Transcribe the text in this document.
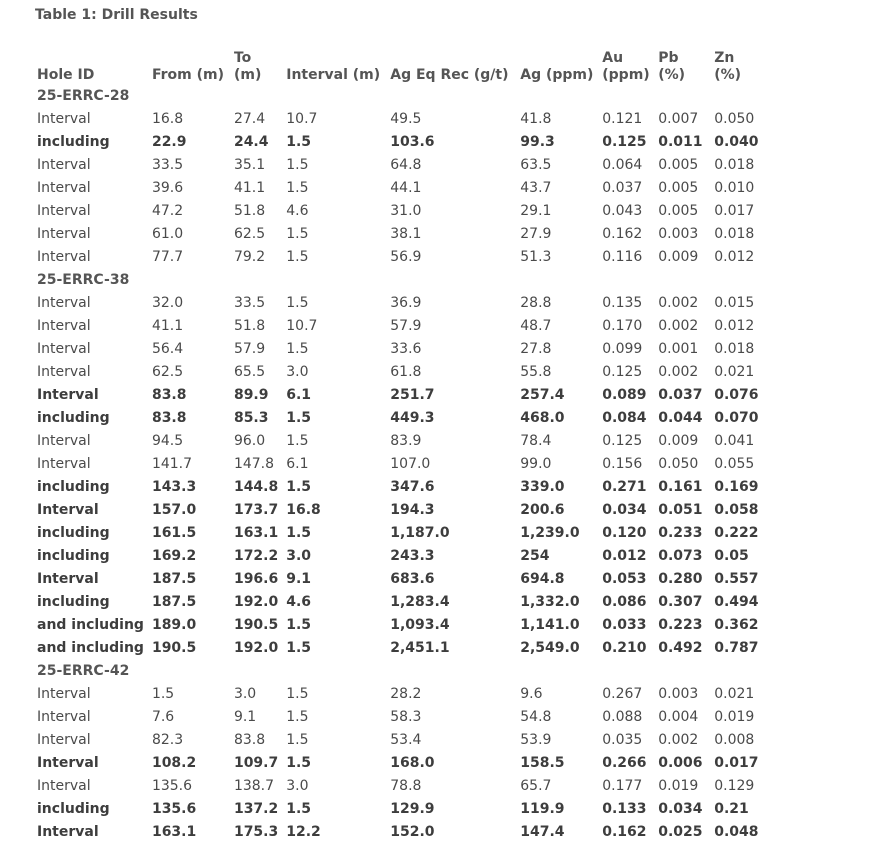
Table 1: Drill Results
Hole ID	From (m)	To (m)	Interval (m)	Ag Eq Rec (g/t)	Ag (ppm)	Au (ppm)	Pb (%)	Zn (%)
25-ERRC-28								
Interval	16.8	27.4	10.7	49.5	41.8	0.121	0.007	0.050
including	22.9	24.4	1.5	103.6	99.3	0.125	0.011	0.040
Interval	33.5	35.1	1.5	64.8	63.5	0.064	0.005	0.018
Interval	39.6	41.1	1.5	44.1	43.7	0.037	0.005	0.010
Interval	47.2	51.8	4.6	31.0	29.1	0.043	0.005	0.017
Interval	61.0	62.5	1.5	38.1	27.9	0.162	0.003	0.018
Interval	77.7	79.2	1.5	56.9	51.3	0.116	0.009	0.012
25-ERRC-38								
Interval	32.0	33.5	1.5	36.9	28.8	0.135	0.002	0.015
Interval	41.1	51.8	10.7	57.9	48.7	0.170	0.002	0.012
Interval	56.4	57.9	1.5	33.6	27.8	0.099	0.001	0.018
Interval	62.5	65.5	3.0	61.8	55.8	0.125	0.002	0.021
Interval	83.8	89.9	6.1	251.7	257.4	0.089	0.037	0.076
including	83.8	85.3	1.5	449.3	468.0	0.084	0.044	0.070
Interval	94.5	96.0	1.5	83.9	78.4	0.125	0.009	0.041
Interval	141.7	147.8	6.1	107.0	99.0	0.156	0.050	0.055
including	143.3	144.8	1.5	347.6	339.0	0.271	0.161	0.169
Interval	157.0	173.7	16.8	194.3	200.6	0.034	0.051	0.058
including	161.5	163.1	1.5	1,187.0	1,239.0	0.120	0.233	0.222
including	169.2	172.2	3.0	243.3	254	0.012	0.073	0.05
Interval	187.5	196.6	9.1	683.6	694.8	0.053	0.280	0.557
including	187.5	192.0	4.6	1,283.4	1,332.0	0.086	0.307	0.494
and including	189.0	190.5	1.5	1,093.4	1,141.0	0.033	0.223	0.362
and including	190.5	192.0	1.5	2,451.1	2,549.0	0.210	0.492	0.787
25-ERRC-42								
Interval	1.5	3.0	1.5	28.2	9.6	0.267	0.003	0.021
Interval	7.6	9.1	1.5	58.3	54.8	0.088	0.004	0.019
Interval	82.3	83.8	1.5	53.4	53.9	0.035	0.002	0.008
Interval	108.2	109.7	1.5	168.0	158.5	0.266	0.006	0.017
Interval	135.6	138.7	3.0	78.8	65.7	0.177	0.019	0.129
including	135.6	137.2	1.5	129.9	119.9	0.133	0.034	0.21
Interval	163.1	175.3	12.2	152.0	147.4	0.162	0.025	0.048
